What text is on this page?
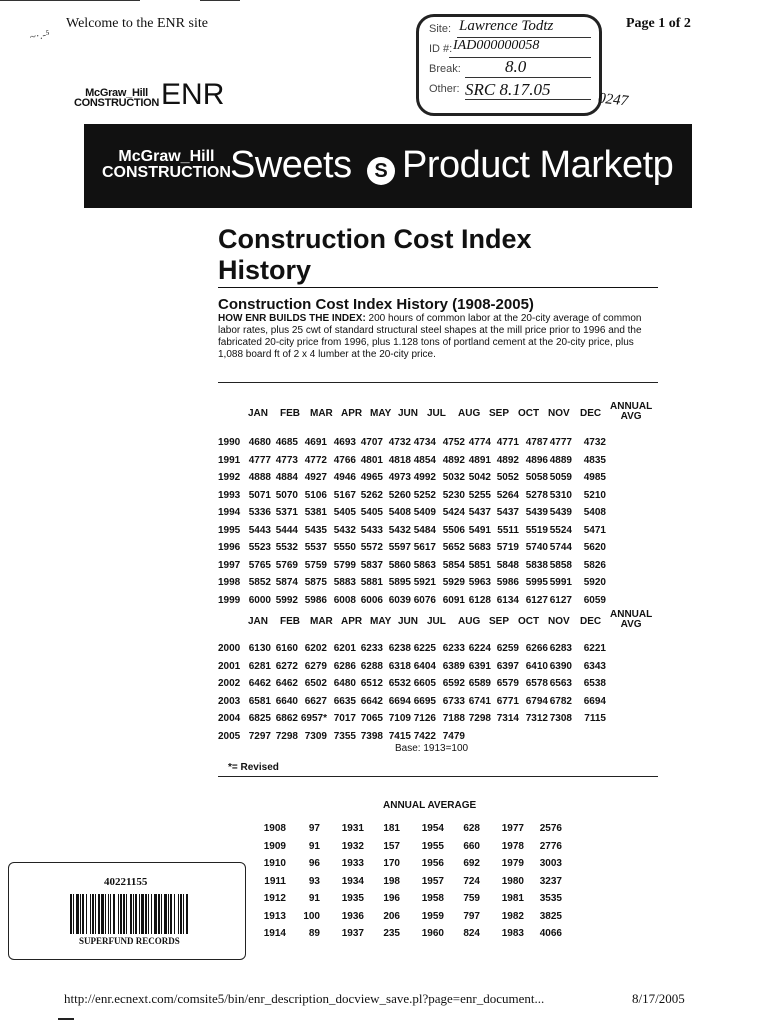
~·.-⁵
Welcome to the ENR site	Page 1 of 2
Site: Lawrence Todtz
ID #: IAD000000058
Break:	8.0
Other: SRC 8.17.05
0247
McGraw_Hill
CONSTRUCTIONENR
McGraw_Hill
CONSTRUCTION Sweets	S Product Marketp
Construction Cost Index
History
Construction Cost Index History (1908-2005)
HOW ENR BUILDS THE INDEX: 200 hours of common labor at the 20-city average of common labor rates, plus 25 cwt of standard structural steel shapes at the mill price prior to 1996 and the fabricated 20-city price from 1996, plus 1.128 tons of portland cement at the 20-city price, plus 1,088 board ft of 2 x 4 lumber at the 20-city price.
JAN FEB MAR APR MAY JUN JUL AUG SEP OCT NOV DEC
ANNUAL
AVG
1990	4680	4685	4691	4693	4707	4732	4734	4752	4774	4771	4787	4777	4732
1991	4777	4773	4772	4766	4801	4818	4854	4892	4891	4892	4896	4889	4835
1992	4888	4884	4927	4946	4965	4973	4992	5032	5042	5052	5058	5059	4985
1993	5071	5070	5106	5167	5262	5260	5252	5230	5255	5264	5278	5310	5210
1994	5336	5371	5381	5405	5405	5408	5409	5424	5437	5437	5439	5439	5408
1995	5443	5444	5435	5432	5433	5432	5484	5506	5491	5511	5519	5524	5471
1996	5523	5532	5537	5550	5572	5597	5617	5652	5683	5719	5740	5744	5620
1997	5765	5769	5759	5799	5837	5860	5863	5854	5851	5848	5838	5858	5826
1998	5852	5874	5875	5883	5881	5895	5921	5929	5963	5986	5995	5991	5920
1999	6000	5992	5986	6008	6006	6039	6076	6091	6128	6134	6127	6127	6059
JAN FEB MAR APR MAY JUN JUL AUG SEP OCT NOV DEC
ANNUAL
AVG
2000	6130	6160	6202	6201	6233	6238	6225	6233	6224	6259	6266	6283	6221
2001	6281	6272	6279	6286	6288	6318	6404	6389	6391	6397	6410	6390	6343
2002	6462	6462	6502	6480	6512	6532	6605	6592	6589	6579	6578	6563	6538
2003	6581	6640	6627	6635	6642	6694	6695	6733	6741	6771	6794	6782	6694
2004	6825	6862	6957*	7017	7065	7109	7126	7188	7298	7314	7312	7308	7115
2005	7297	7298	7309	7355	7398	7415	7422	7479					
Base: 1913=100
*= Revised
ANNUAL AVERAGE
1908	97	1931	181	1954	628	1977	2576
1909	91	1932	157	1955	660	1978	2776
1910	96	1933	170	1956	692	1979	3003
1911	93	1934	198	1957	724	1980	3237
1912	91	1935	196	1958	759	1981	3535
1913	100	1936	206	1959	797	1982	3825
1914	89	1937	235	1960	824	1983	4066
40221155
SUPERFUND RECORDS
http://enr.ecnext.com/comsite5/bin/enr_description_docview_save.pl?page=enr_document...	8/17/2005
